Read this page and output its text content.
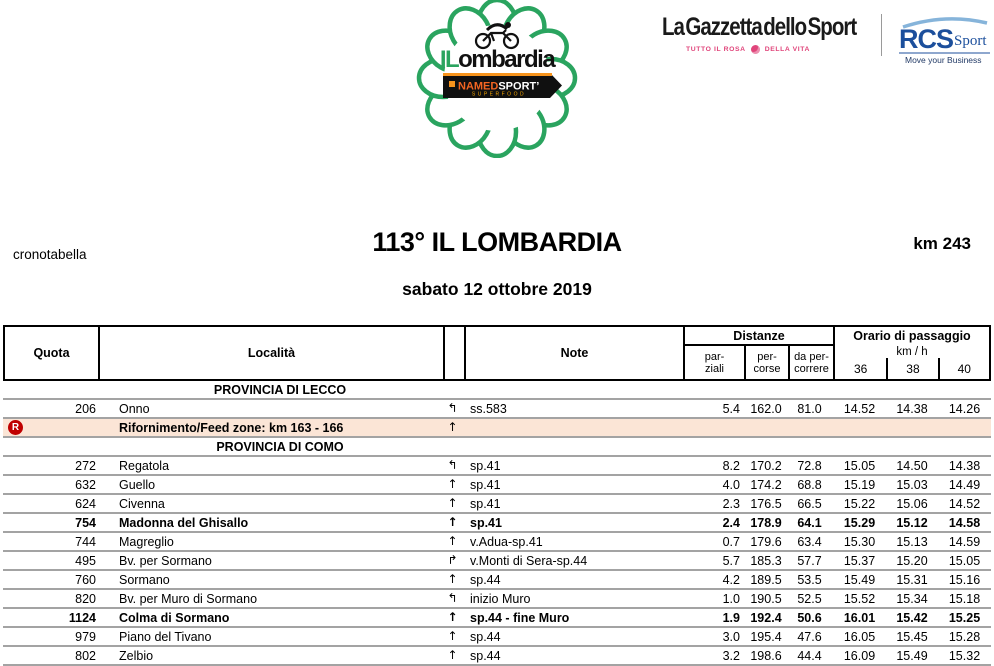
ILombardia
NAMEDSPORT’
SUPERFOOD
La Gazzetta dello Sport
TUTTO IL ROSA	DELLA VITA	RCS Sport
Move your Business
cronotabella	113° IL LOMBARDIA	km 243
sabato 12 ottobre 2019
Quota	Località	Note
Distanze
par-
ziali
per-
corse
da per-
correre
Orario di passaggio
km / h
36	38	40
PROVINCIA DI LECCO
206	Onno	↰ ss.583	5.4 162.0	81.0	14.52	14.38	14.26
R	Rifornimento/Feed zone: km 163 - 166	↑
PROVINCIA DI COMO
272	Regatola	↰ sp.41	8.2 170.2	72.8	15.05	14.50	14.38
632	Guello	↑ sp.41	4.0 174.2	68.8	15.19	15.03	14.49
624	Civenna	↑ sp.41	2.3 176.5	66.5	15.22	15.06	14.52
754	Madonna del Ghisallo	↑ sp.41	2.4 178.9	64.1	15.29	15.12	14.58
744	Magreglio	↑ v.Adua-sp.41	0.7 179.6	63.4	15.30	15.13	14.59
495	Bv. per Sormano	↱ v.Monti di Sera-sp.44	5.7 185.3	57.7	15.37	15.20	15.05
760	Sormano	↑ sp.44	4.2 189.5	53.5	15.49	15.31	15.16
820	Bv. per Muro di Sormano	↰ inizio Muro	1.0 190.5	52.5	15.52	15.34	15.18
1124	Colma di Sormano	↑ sp.44 - fine Muro	1.9 192.4	50.6	16.01	15.42	15.25
979	Piano del Tivano	↑ sp.44	3.0 195.4	47.6	16.05	15.45	15.28
802	Zelbio	↑ sp.44	3.2 198.6	44.4	16.09	15.49	15.32
